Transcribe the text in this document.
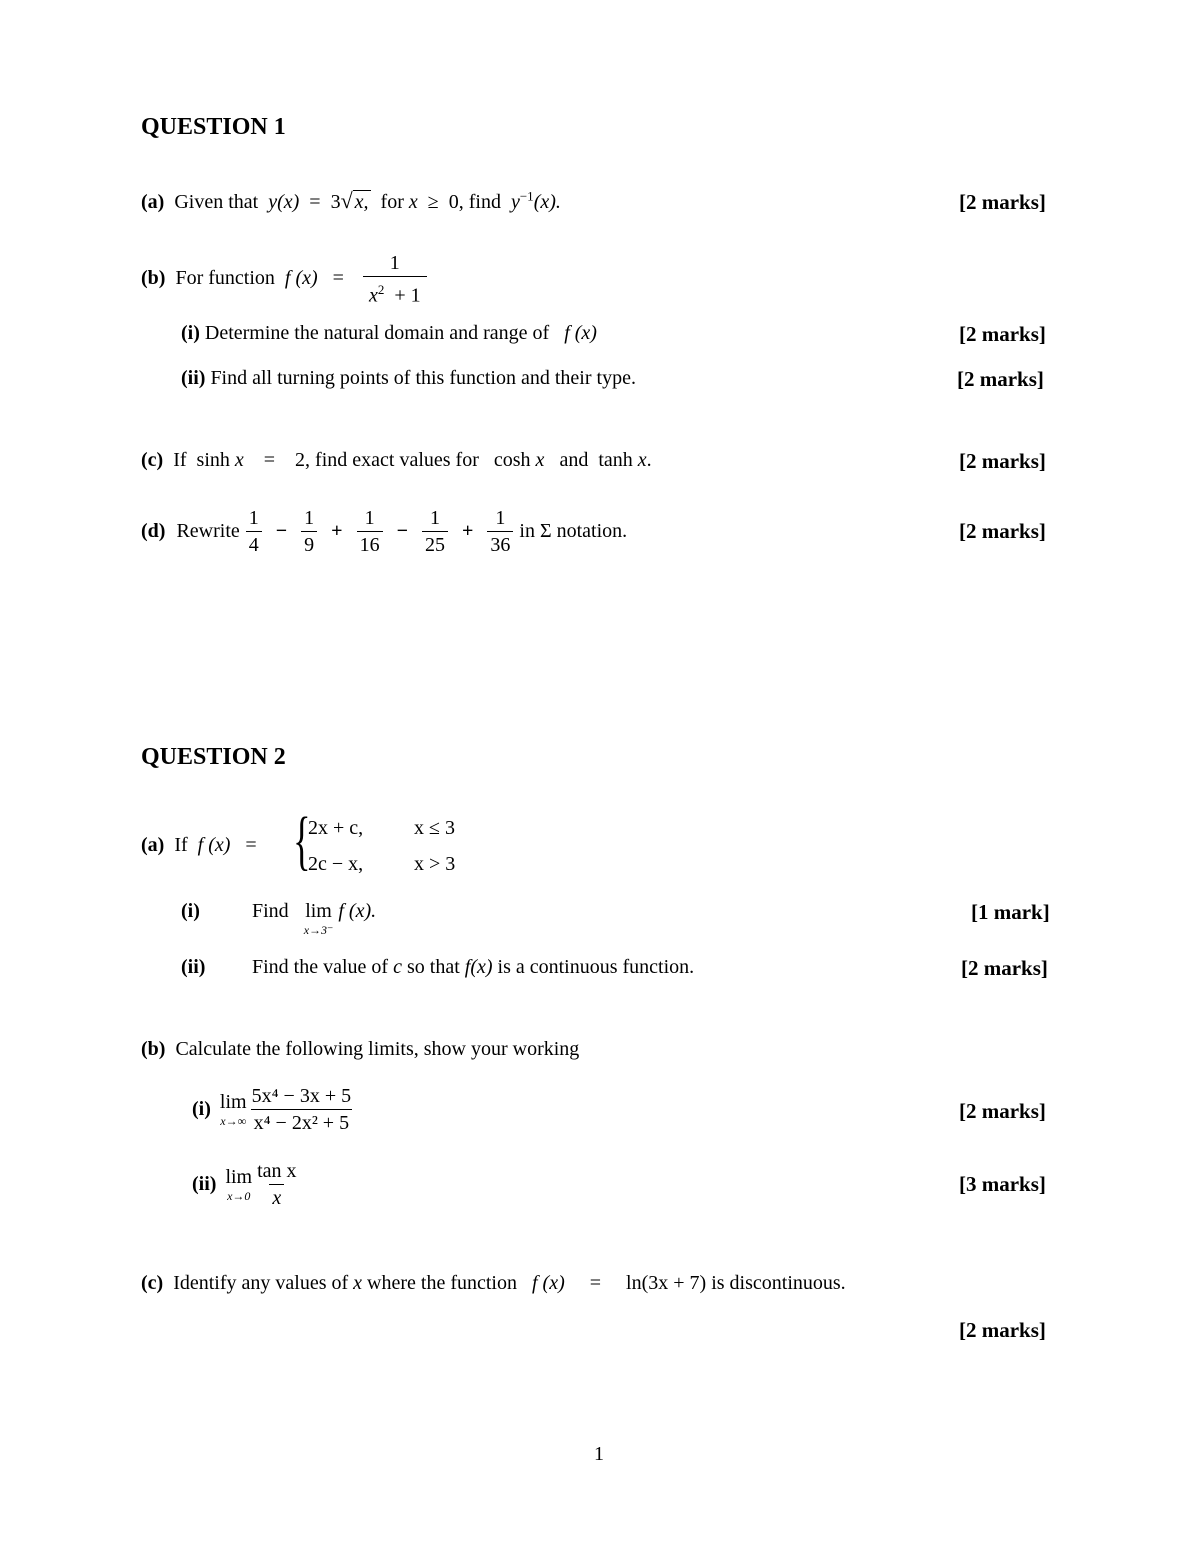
QUESTION 1
(a) Given that y(x) = 3√ x, for x ≥ 0, find $y^{-1}(x)$.	[2 marks]
(b) For function f $(x) = \frac{1}{x^2 + 1}$
(i) Determine the natural domain and range of f (x)	[2 marks]
(ii) Find all turning points of this function and their type.	[2 marks]
(c) If sinh x = 2, find exact values for cosh x and tanh x.	[2 marks]
(d)
Rewrite $\frac{1}{4} - \frac{1}{9} + \frac{1}{16} - \frac{1}{25} + \frac{1}{36}$ in Σ notation.	[2 marks]
QUESTION 2
(a) If f (x) = {
2x + c,	x ≤ 3
2c − x,	x > 3
(i)	Find lim
x→3⁻
f (x).	[1 mark]
(ii) Find the value of c so that f(x) is a continuous function.	[2 marks]
(b) Calculate the following limits, show your working
(i)
lim
$x\to\infty \frac{\text{5x⁴ − 3x + 5}}{\text{x⁴ − 2x² + 5}}$	[2 marks]
(ii)
lim
$x\to 0 \frac{\text{tan x}}{x}$	[3 marks]
(c) Identify any values of x where the function f (x) = ln(3x + 7) is discontinuous.
[2 marks]
1
